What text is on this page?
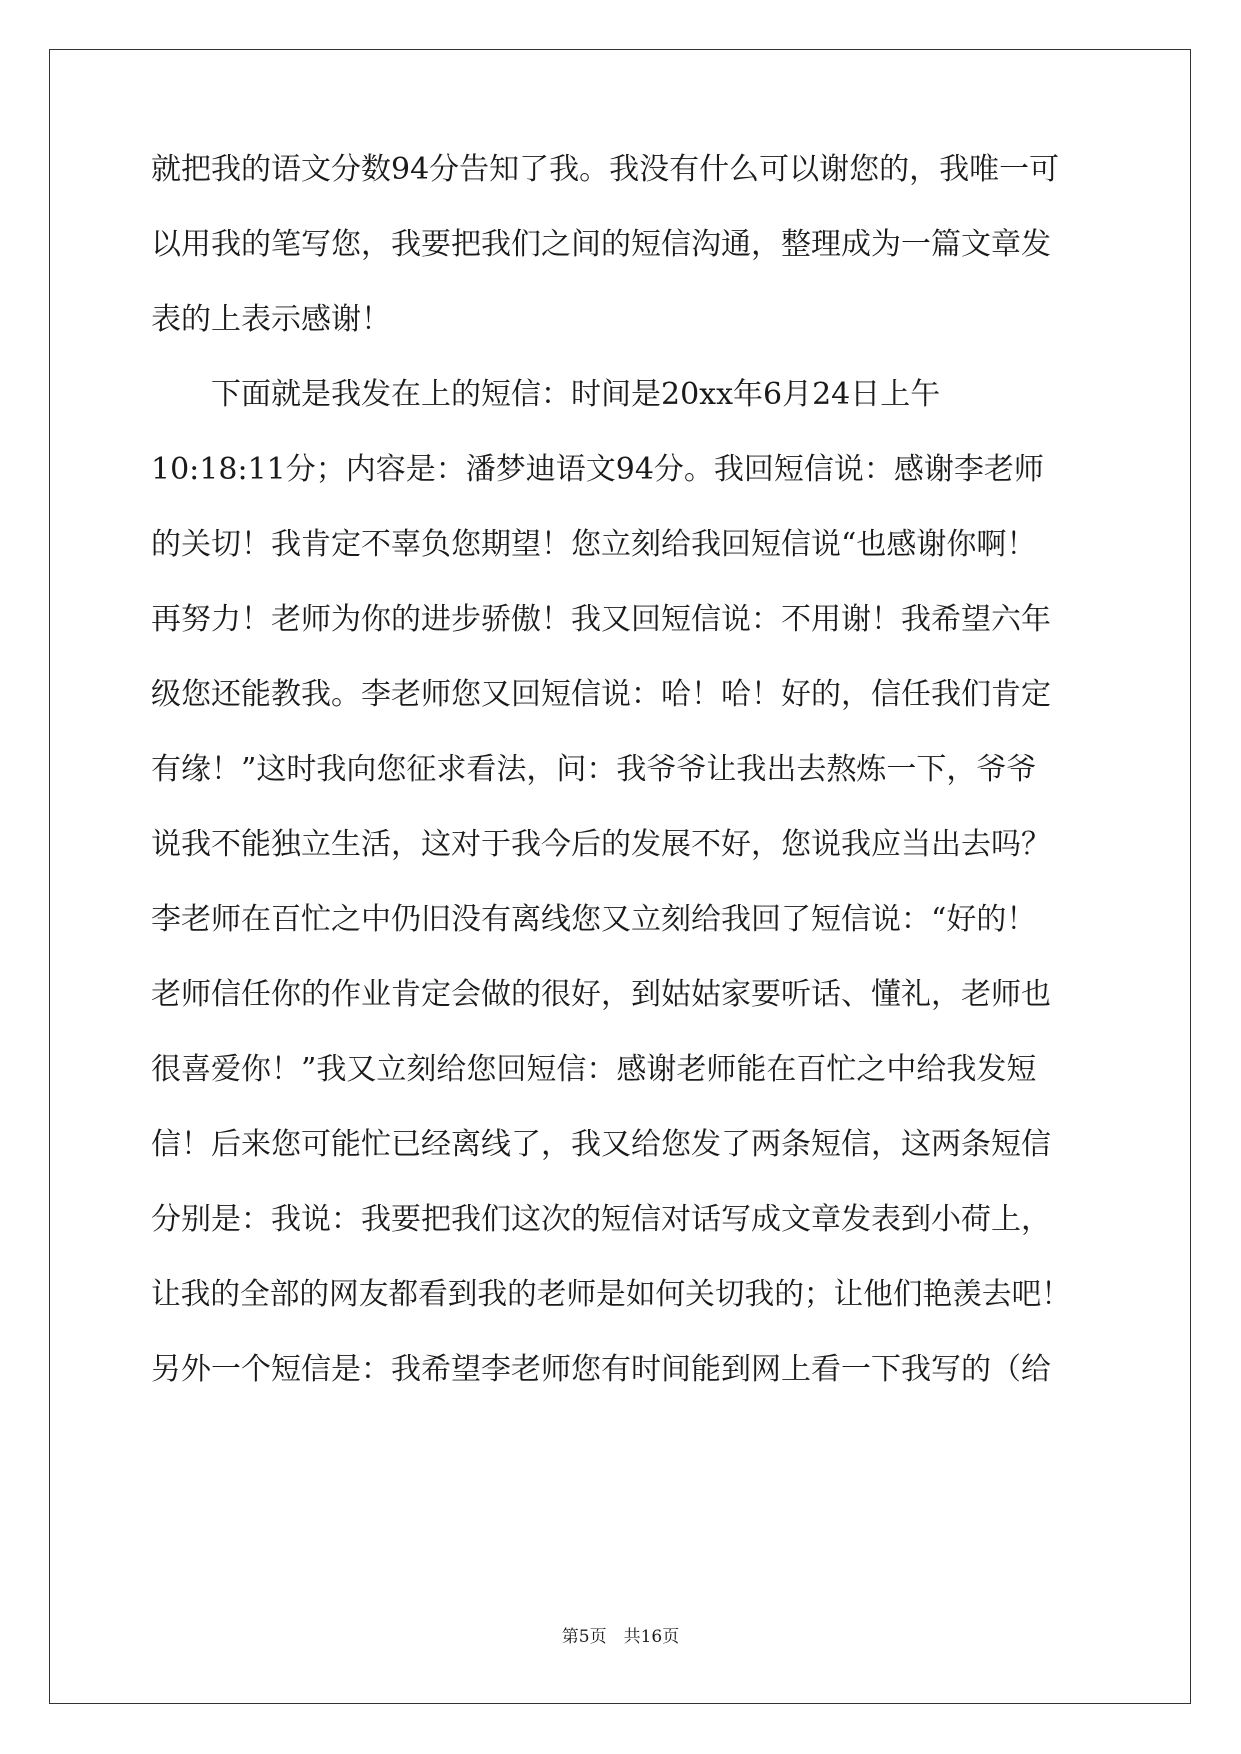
就把我的语文分数94分告知了我。我没有什么可以谢您的，我唯一可
以用我的笔写您，我要把我们之间的短信沟通，整理成为一篇文章发
表的上表示感谢！
　　下面就是我发在上的短信：时间是20xx年6月24日上午
10:18:11分；内容是：潘梦迪语文94分。我回短信说：感谢李老师
的关切！我肯定不辜负您期望！您立刻给我回短信说“也感谢你啊！
再努力！老师为你的进步骄傲！我又回短信说：不用谢！我希望六年
级您还能教我。李老师您又回短信说：哈！哈！好的，信任我们肯定
有缘！”这时我向您征求看法，问：我爷爷让我出去熬炼一下，爷爷
说我不能独立生活，这对于我今后的发展不好，您说我应当出去吗？
李老师在百忙之中仍旧没有离线您又立刻给我回了短信说：“好的！
老师信任你的作业肯定会做的很好，到姑姑家要听话、懂礼，老师也
很喜爱你！”我又立刻给您回短信：感谢老师能在百忙之中给我发短
信！后来您可能忙已经离线了，我又给您发了两条短信，这两条短信
分别是：我说：我要把我们这次的短信对话写成文章发表到小荷上，
让我的全部的网友都看到我的老师是如何关切我的；让他们艳羡去吧！
另外一个短信是：我希望李老师您有时间能到网上看一下我写的（给
第5页　共16页
